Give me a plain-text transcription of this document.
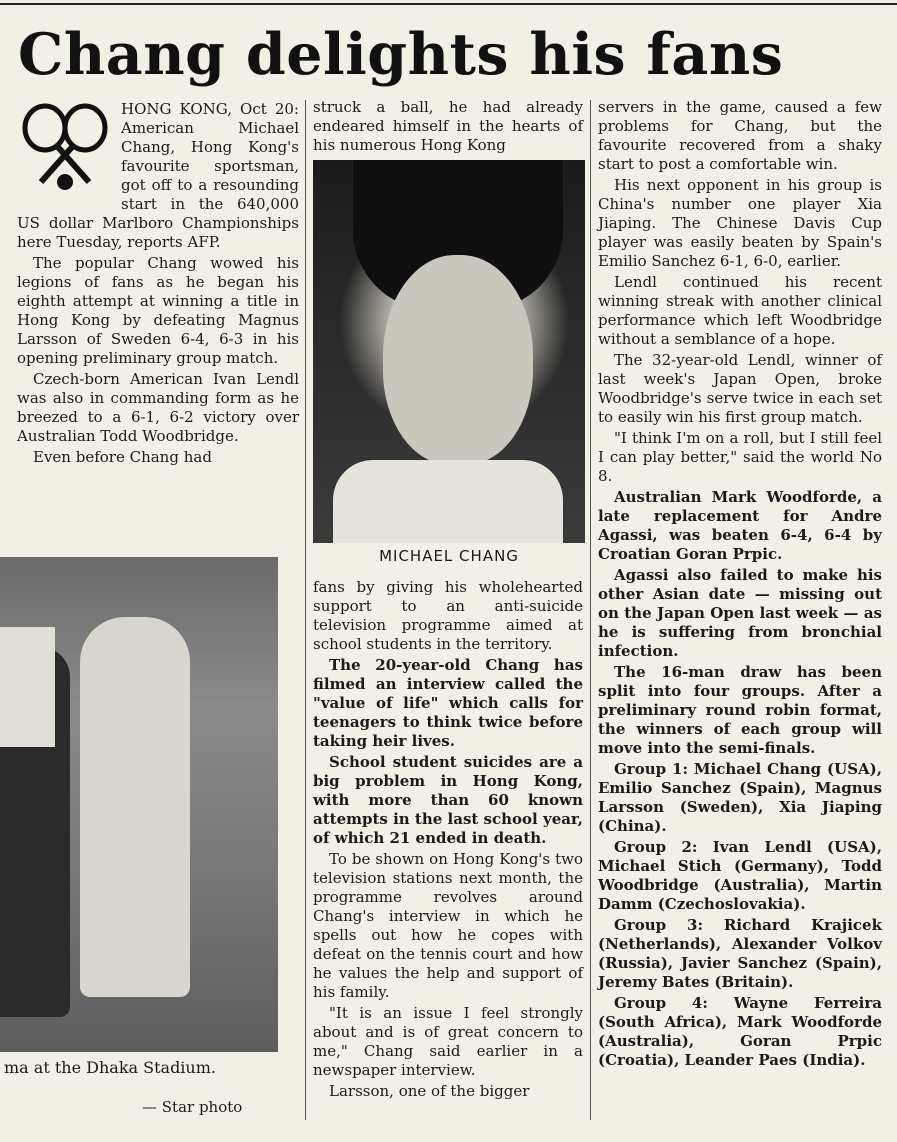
Chang delights his fans

HONG KONG, Oct 20: American Michael Chang, Hong Kong's favourite sportsman, got off to a resounding start in the 640,000 US dollar Marlboro Championships here Tuesday, reports AFP.

The popular Chang wowed his legions of fans as he began his eighth attempt at winning a title in Hong Kong by defeating Magnus Larsson of Sweden 6-4, 6-3 in his opening preliminary group match.

Czech-born American Ivan Lendl was also in commanding form as he breezed to a 6-1, 6-2 victory over Australian Todd Woodbridge.

Even before Chang had

struck a ball, he had already endeared himself in the hearts of his numerous Hong Kong

MICHAEL CHANG

fans by giving his wholehearted support to an anti-suicide television programme aimed at school students in the territory.

The 20-year-old Chang has filmed an interview called the "value of life" which calls for teenagers to think twice before taking heir lives.

School student suicides are a big problem in Hong Kong, with more than 60 known attempts in the last school year, of which 21 ended in death.

To be shown on Hong Kong's two television stations next month, the programme revolves around Chang's interview in which he spells out how he copes with defeat on the tennis court and how he values the help and support of his family.

"It is an issue I feel strongly about and is of great concern to me," Chang said earlier in a newspaper interview.

Larsson, one of the bigger

servers in the game, caused a few problems for Chang, but the favourite recovered from a shaky start to post a comfortable win.

His next opponent in his group is China's number one player Xia Jiaping. The Chinese Davis Cup player was easily beaten by Spain's Emilio Sanchez 6-1, 6-0, earlier.

Lendl continued his recent winning streak with another clinical performance which left Woodbridge without a semblance of a hope.

The 32-year-old Lendl, winner of last week's Japan Open, broke Woodbridge's serve twice in each set to easily win his first group match.

"I think I'm on a roll, but I still feel I can play better," said the world No 8.

Australian Mark Woodforde, a late replacement for Andre Agassi, was beaten 6-4, 6-4 by Croatian Goran Prpic.

Agassi also failed to make his other Asian date — missing out on the Japan Open last week — as he is suffering from bronchial infection.

The 16-man draw has been split into four groups. After a preliminary round robin format, the winners of each group will move into the semi-finals.

Group 1: Michael Chang (USA), Emilio Sanchez (Spain), Magnus Larsson (Sweden), Xia Jiaping (China).

Group 2: Ivan Lendl (USA), Michael Stich (Germany), Todd Woodbridge (Australia), Martin Damm (Czechoslovakia).

Group 3: Richard Krajicek (Netherlands), Alexander Volkov (Russia), Javier Sanchez (Spain), Jeremy Bates (Britain).

Group 4: Wayne Ferreira (South Africa), Mark Woodforde (Australia), Goran Prpic (Croatia), Leander Paes (India).

ma at the Dhaka Stadium.
— Star photo
